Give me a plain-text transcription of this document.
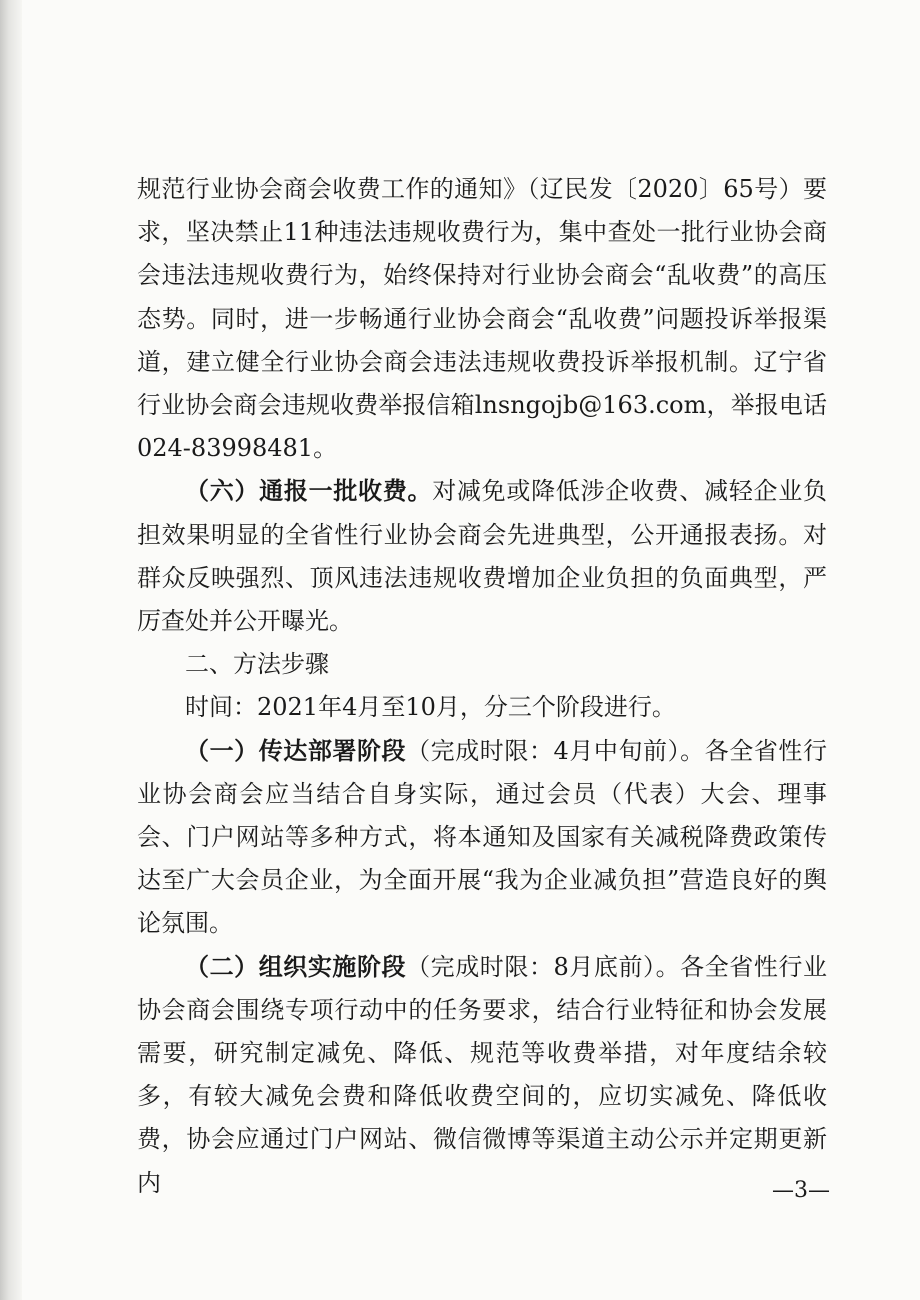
规范行业协会商会收费工作的通知》（辽民发〔2020〕65号）要求，坚决禁止11种违法违规收费行为，集中查处一批行业协会商会违法违规收费行为，始终保持对行业协会商会“乱收费”的高压态势。同时，进一步畅通行业协会商会“乱收费”问题投诉举报渠道，建立健全行业协会商会违法违规收费投诉举报机制。辽宁省行业协会商会违规收费举报信箱lnsngojb@163.com，举报电话024-83998481。

（六）通报一批收费。对减免或降低涉企收费、减轻企业负担效果明显的全省性行业协会商会先进典型，公开通报表扬。对群众反映强烈、顶风违法违规收费增加企业负担的负面典型，严厉查处并公开曝光。

二、方法步骤

时间：2021年4月至10月，分三个阶段进行。

（一）传达部署阶段（完成时限：4月中旬前）。各全省性行业协会商会应当结合自身实际，通过会员（代表）大会、理事会、门户网站等多种方式，将本通知及国家有关减税降费政策传达至广大会员企业，为全面开展“我为企业减负担”营造良好的舆论氛围。

（二）组织实施阶段（完成时限：8月底前）。各全省性行业协会商会围绕专项行动中的任务要求，结合行业特征和协会发展需要，研究制定减免、降低、规范等收费举措，对年度结余较多，有较大减免会费和降低收费空间的，应切实减免、降低收费，协会应通过门户网站、微信微博等渠道主动公示并定期更新内	—3—
